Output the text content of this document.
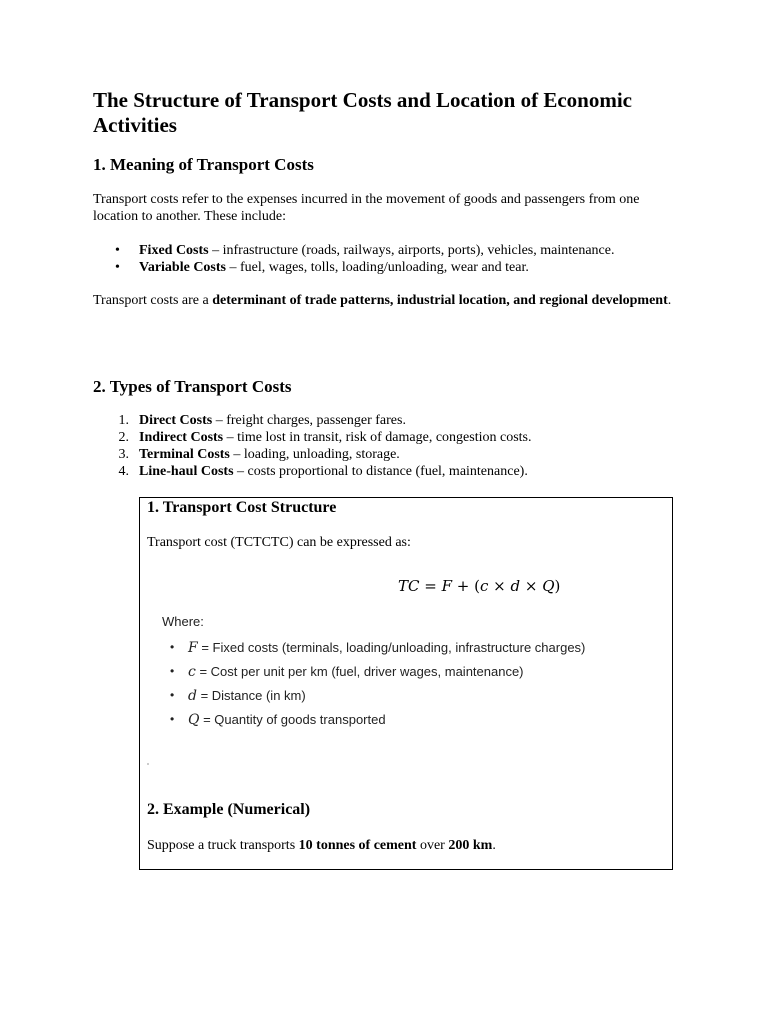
The Structure of Transport Costs and Location of Economic Activities
1. Meaning of Transport Costs

Transport costs refer to the expenses incurred in the movement of goods and passengers from one location to another. These include:

• Fixed Costs – infrastructure (roads, railways, airports, ports), vehicles, maintenance.
• Variable Costs – fuel, wages, tolls, loading/unloading, wear and tear.

Transport costs are a determinant of trade patterns, industrial location, and regional development.

2. Types of Transport Costs
1. Direct Costs – freight charges, passenger fares.
2. Indirect Costs – time lost in transit, risk of damage, congestion costs.
3. Terminal Costs – loading, unloading, storage.
4. Line-haul Costs – costs proportional to distance (fuel, maintenance).
1. Transport Cost Structure

Transport cost (TCTCTC) can be expressed as:

TC = F + (c × d × Q)
Where:
• F = Fixed costs (terminals, loading/unloading, infrastructure charges)
• c = Cost per unit per km (fuel, driver wages, maintenance)
• d = Distance (in km)
• Q = Quantity of goods transported
2. Example (Numerical)

Suppose a truck transports 10 tonnes of cement over 200 km.
